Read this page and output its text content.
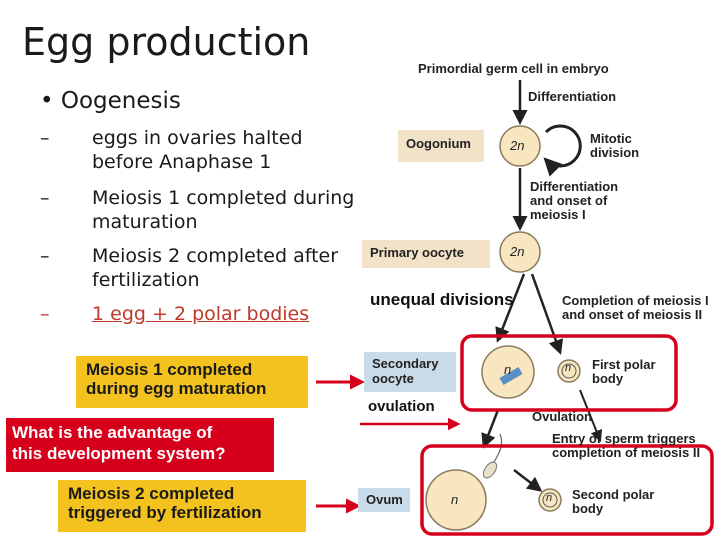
Egg production
• Oogenesis
– eggs in ovaries halted
before Anaphase 1
– Meiosis 1 completed during
maturation
– Meiosis 2 completed after
fertilization
– 1 egg + 2 polar bodies
Meiosis 1 completed
during egg maturation
What is the advantage of
this development system?
Meiosis 2 completed
triggered by fertilization
Primordial germ cell in embryo
Differentiation
Oogonium	2n	Mitotic
division
Differentiation
and onset of
meiosis I
Primary oocyte	2n
unequal divisions	Completion of meiosis I
and onset of meiosis II
Secondary
oocyte
n	n First polar
body
ovulation
Ovulation
Entry of sperm triggers
completion of meiosis II
Ovum	n	n Second polar
body
